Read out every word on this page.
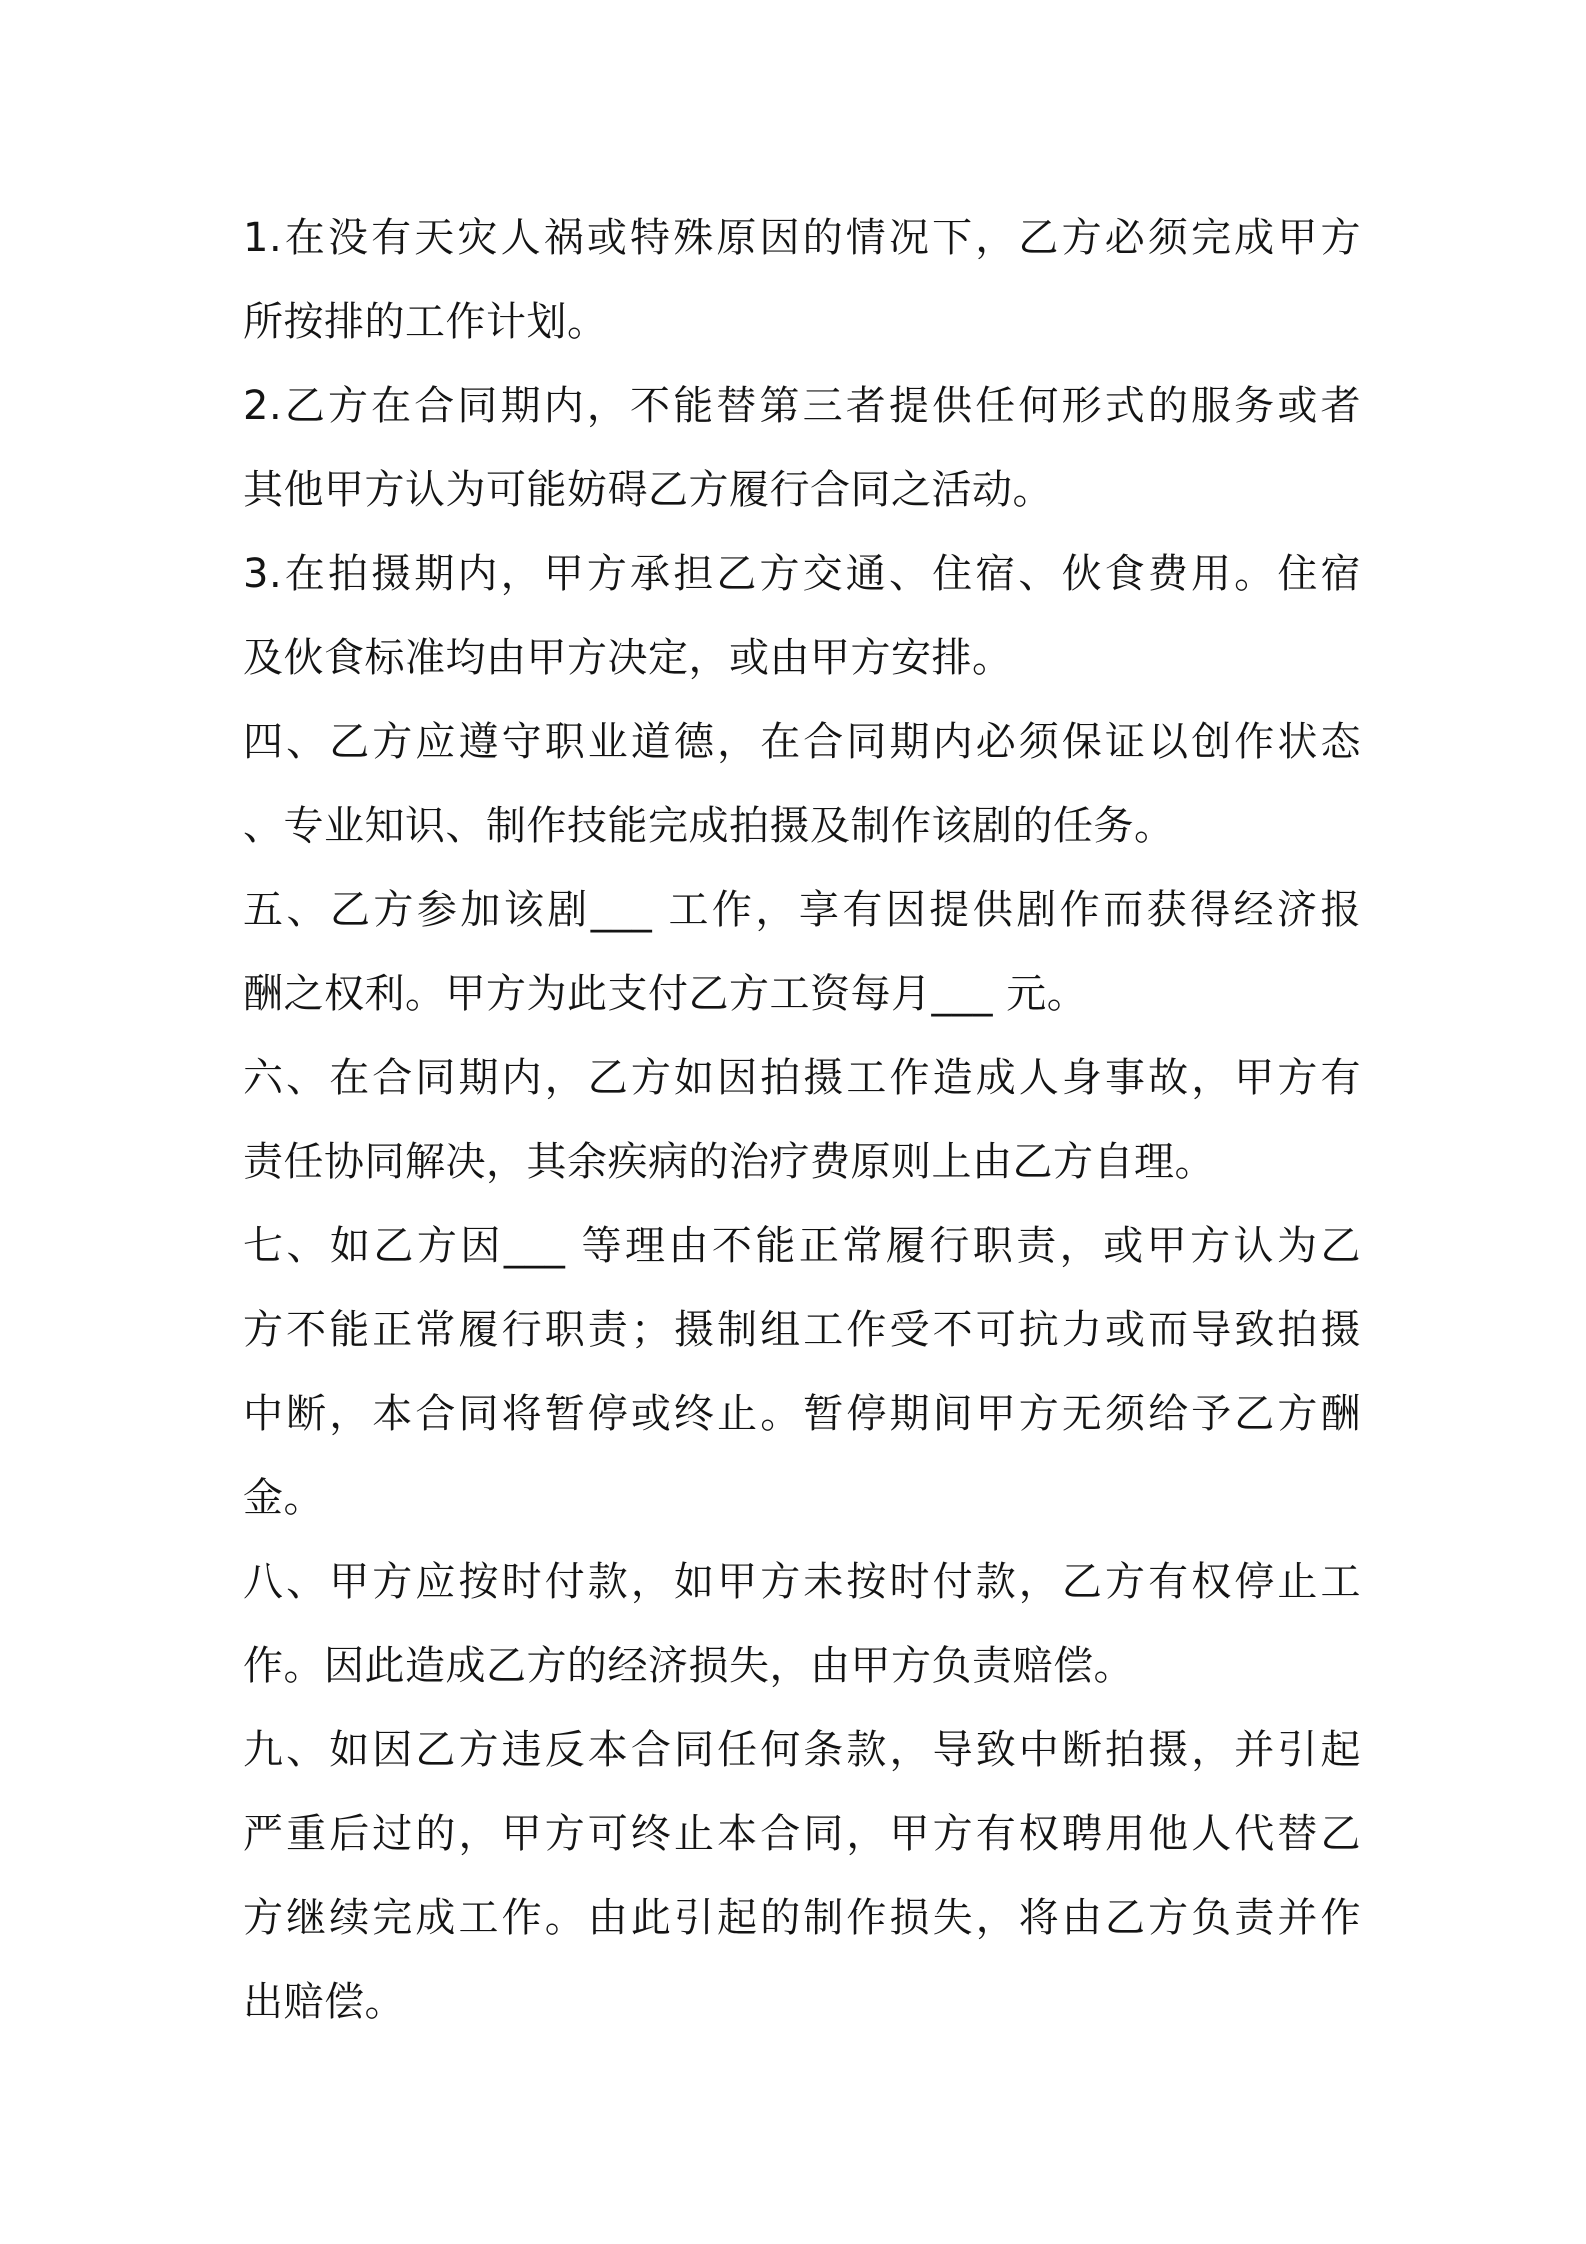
1.在没有天灾人祸或特殊原因的情况下，乙方必须完成甲方
所按排的工作计划。
2.乙方在合同期内，不能替第三者提供任何形式的服务或者
其他甲方认为可能妨碍乙方履行合同之活动。
3.在拍摄期内，甲方承担乙方交通、住宿、伙食费用。住宿
及伙食标准均由甲方决定，或由甲方安排。
四、乙方应遵守职业道德，在合同期内必须保证以创作状态
、专业知识、制作技能完成拍摄及制作该剧的任务。
五、乙方参加该剧___ 工作，享有因提供剧作而获得经济报
酬之权利。甲方为此支付乙方工资每月___ 元。
六、在合同期内，乙方如因拍摄工作造成人身事故，甲方有
责任协同解决，其余疾病的治疗费原则上由乙方自理。
七、如乙方因___ 等理由不能正常履行职责，或甲方认为乙
方不能正常履行职责；摄制组工作受不可抗力或而导致拍摄
中断，本合同将暂停或终止。暂停期间甲方无须给予乙方酬
金。
八、甲方应按时付款，如甲方未按时付款，乙方有权停止工
作。因此造成乙方的经济损失，由甲方负责赔偿。
九、如因乙方违反本合同任何条款，导致中断拍摄，并引起
严重后过的，甲方可终止本合同，甲方有权聘用他人代替乙
方继续完成工作。由此引起的制作损失，将由乙方负责并作
出赔偿。
